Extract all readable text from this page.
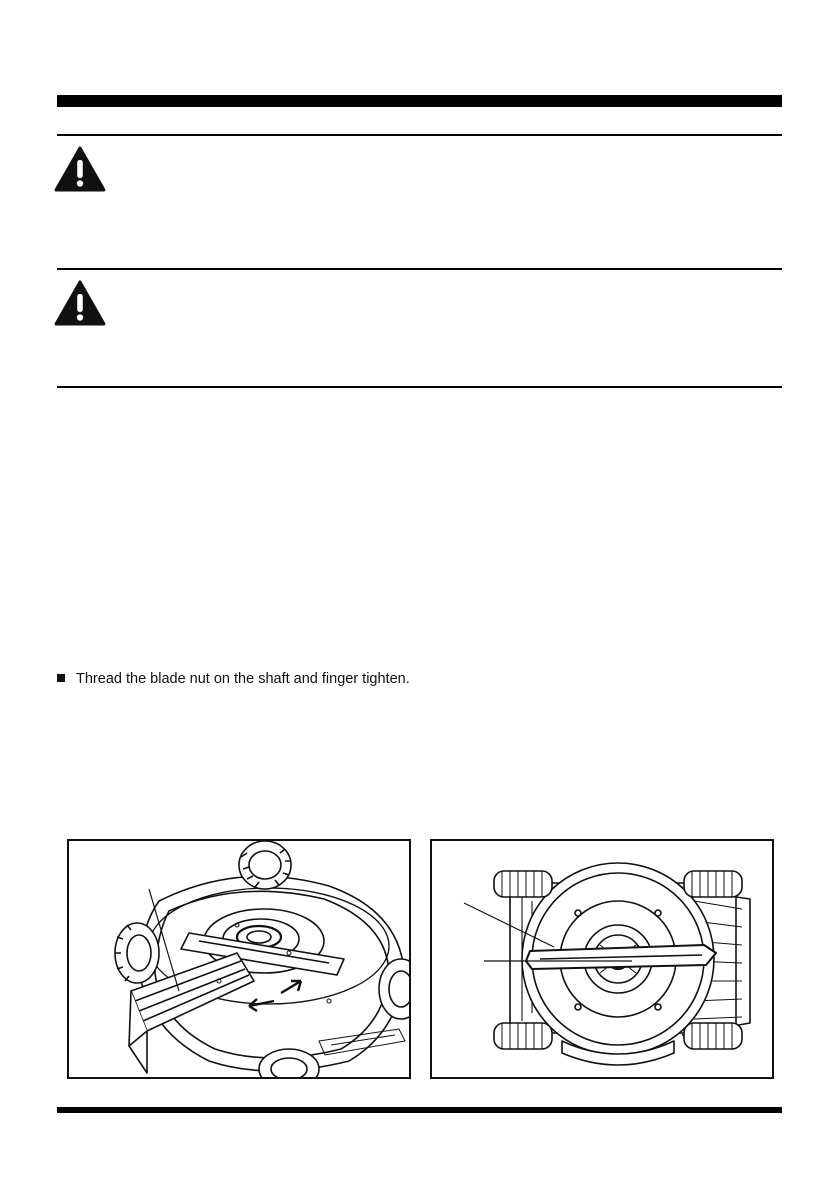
Thread the blade nut on the shaft and finger tighten.
